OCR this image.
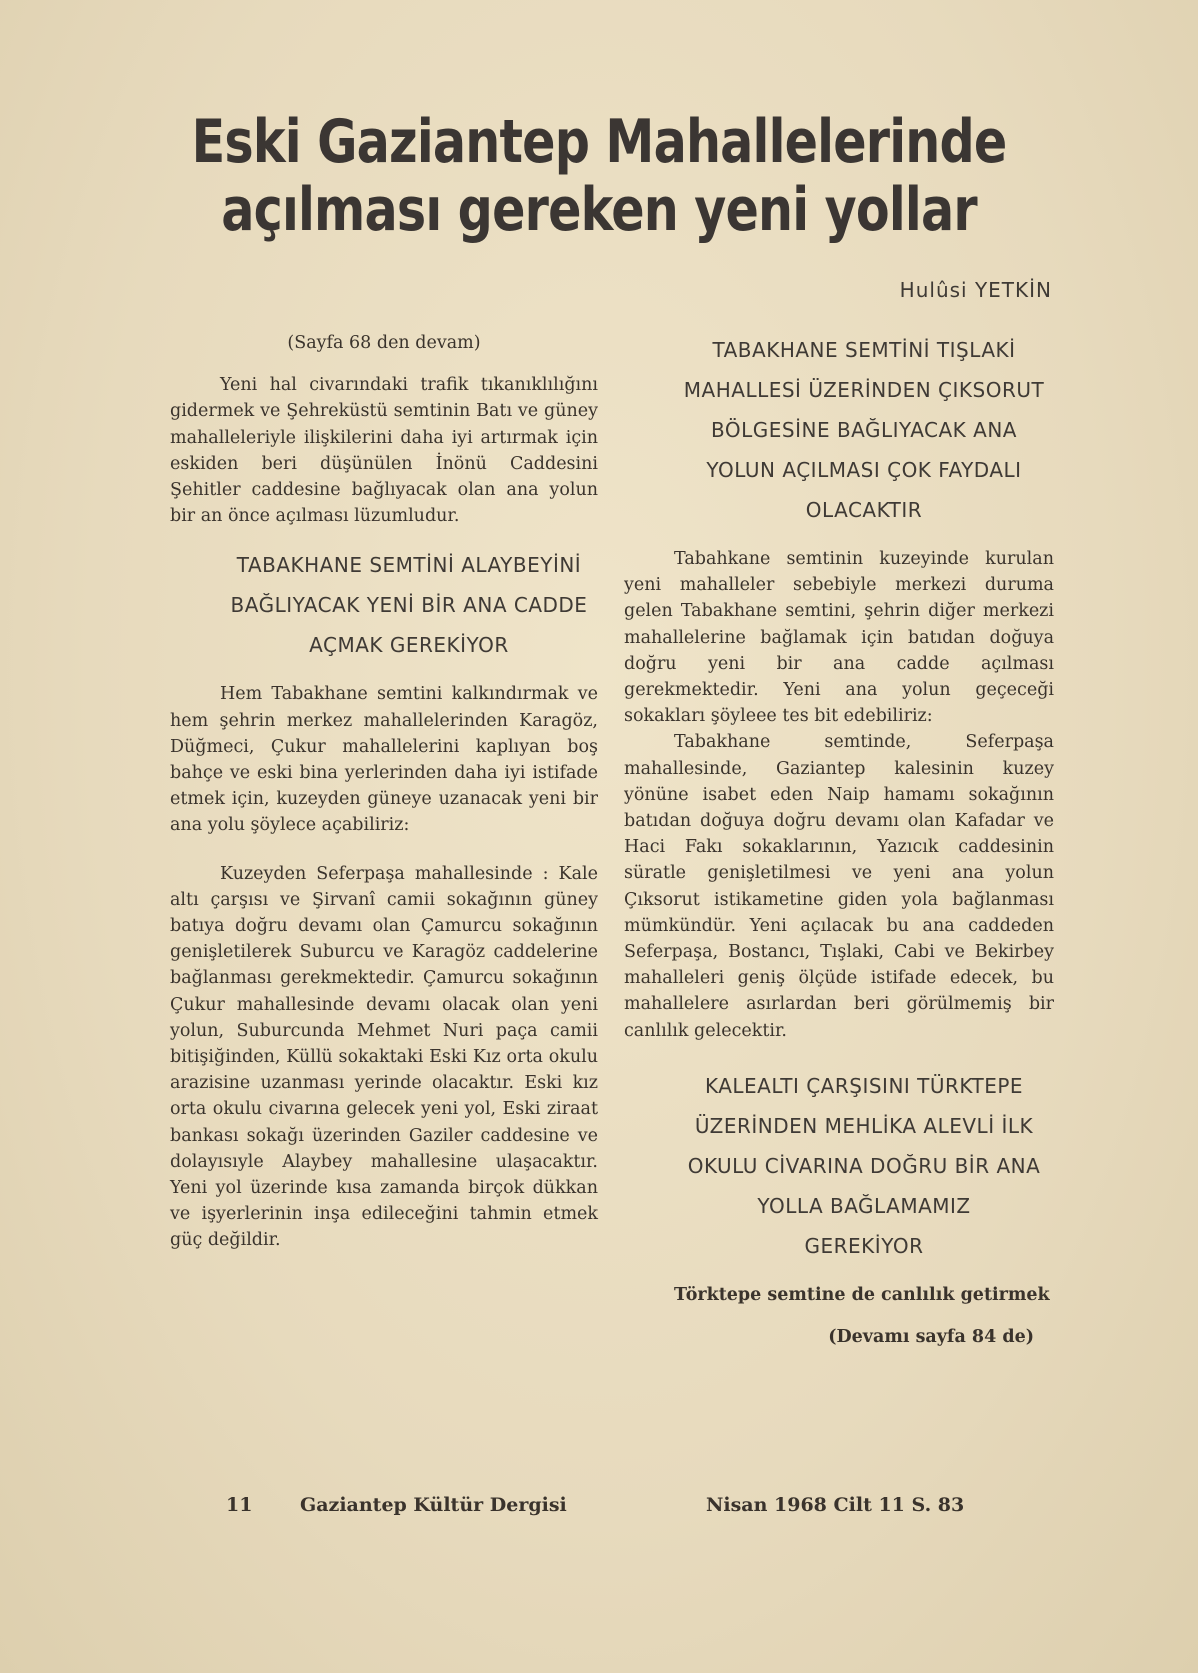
Eski Gaziantep Mahallelerinde
açılması gereken yeni yollar
Hulûsi YETKİN

(Sayfa 68 den devam)

Yeni hal civarındaki trafik tıkanıklılığını gidermek ve Şehreküstü semtinin Batı ve güney mahalleleriyle ilişkilerini daha iyi artırmak için eskiden beri düşünülen İnönü Caddesini Şehitler caddesine bağlıyacak olan ana yolun bir an önce açılması lüzumludur.

TABAKHANE SEMTİNİ ALAYBEYİNİ

BAĞLIYACAK YENİ BİR ANA CADDE

AÇMAK GEREKİYOR

Hem Tabakhane semtini kalkındırmak ve hem şehrin merkez mahallelerinden Karagöz, Düğmeci, Çukur mahallelerini kaplıyan boş bahçe ve eski bina yerlerinden daha iyi istifade etmek için, kuzeyden güneye uzanacak yeni bir ana yolu şöylece açabiliriz:

Kuzeyden Seferpaşa mahallesinde : Kale altı çarşısı ve Şirvanî camii sokağının güney batıya doğru devamı olan Çamurcu sokağının genişletilerek Suburcu ve Karagöz caddelerine bağlanması gerekmektedir. Çamurcu sokağının Çukur mahallesinde devamı olacak olan yeni yolun, Suburcunda Mehmet Nuri paça camii bitişiğinden, Küllü sokaktaki Eski Kız orta okulu arazisine uzanması yerinde olacaktır. Eski kız orta okulu civarına gelecek yeni yol, Eski ziraat bankası sokağı üzerinden Gaziler caddesine ve dolayısıyle Alaybey mahallesine ulaşacaktır. Yeni yol üzerinde kısa zamanda birçok dükkan ve işyerlerinin inşa edileceğini tahmin etmek güç değildir.

TABAKHANE SEMTİNİ TIŞLAKİ

MAHALLESİ ÜZERİNDEN ÇIKSORUT

BÖLGESİNE BAĞLIYACAK ANA

YOLUN AÇILMASI ÇOK FAYDALI

OLACAKTIR

Tabahkane semtinin kuzeyinde kurulan yeni mahalleler sebebiyle merkezi duruma gelen Tabakhane semtini, şehrin diğer merkezi mahallelerine bağlamak için batıdan doğuya doğru yeni bir ana cadde açılması gerekmektedir. Yeni ana yolun geçeceği sokakları şöyleee tes bit edebiliriz:

Tabakhane semtinde, Seferpaşa mahallesinde, Gaziantep kalesinin kuzey yönüne isabet eden Naip hamamı sokağının batıdan doğuya doğru devamı olan Kafadar ve Haci Fakı sokaklarının, Yazıcık caddesinin süratle genişletilmesi ve yeni ana yolun Çıksorut istikametine giden yola bağlanması mümkündür. Yeni açılacak bu ana caddeden Seferpaşa, Bostancı, Tışlaki, Cabi ve Bekirbey mahalleleri geniş ölçüde istifade edecek, bu mahallelere asırlardan beri görülmemiş bir canlılık gelecektir.

KALEALTI ÇARŞISINI TÜRKTEPE

ÜZERİNDEN MEHLİKA ALEVLİ İLK

OKULU CİVARINA DOĞRU BİR ANA

YOLLA BAĞLAMAMIZ

GEREKİYOR

Törktepe semtine de canlılık getirmek

(Devamı sayfa 84 de)

11	Gaziantep Kültür Dergisi	Nisan 1968 Cilt 11 S. 83
